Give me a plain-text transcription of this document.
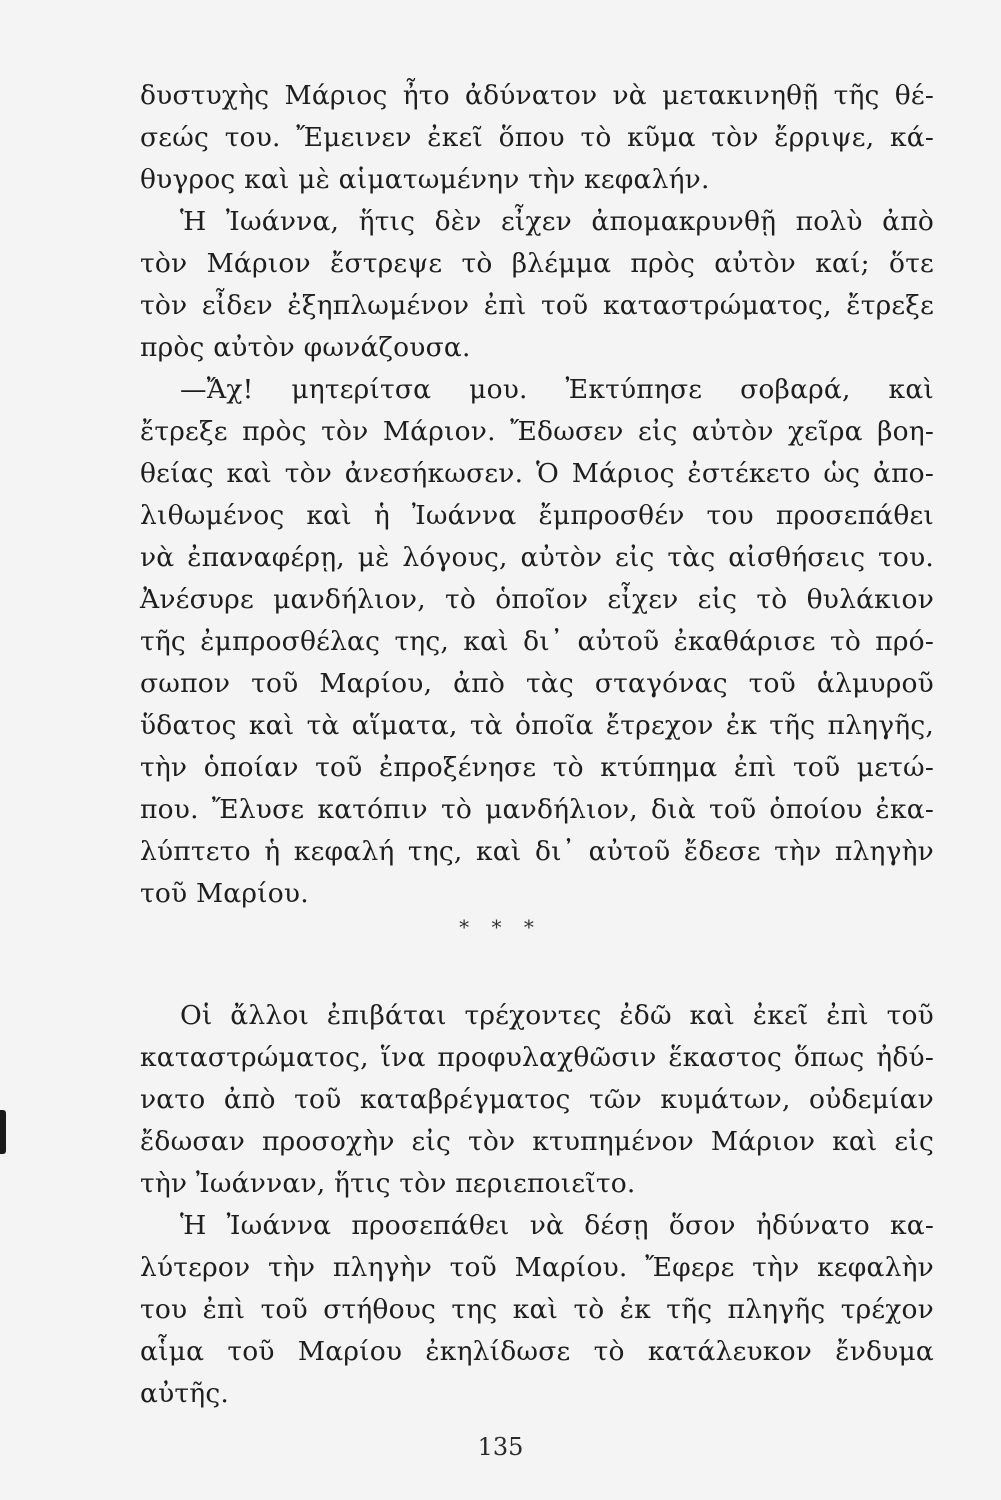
δυστυχὴς Μάριος ἦτο ἀδύνατον νὰ μετακινηθῇ τῆς θέ-
σεώς του. Ἔμεινεν ἐκεῖ ὅπου τὸ κῦμα τὸν ἔρριψε, κά-
θυγρος καὶ μὲ αἱματωμένην τὴν κεφαλήν.
Ἡ Ἰωάννα, ἥτις δὲν εἶχεν ἀπομακρυνθῇ πολὺ ἀπὸ
τὸν Μάριον ἔστρεψε τὸ βλέμμα πρὸς αὐτὸν καί; ὅτε
τὸν εἶδεν ἐξηπλωμένον ἐπὶ τοῦ καταστρώματος, ἔτρεξε
πρὸς αὐτὸν φωνάζουσα.
—Ἄχ! μητερίτσα μου. Ἐκτύπησε σοβαρά, καὶ
ἔτρεξε πρὸς τὸν Μάριον. Ἔδωσεν εἰς αὐτὸν χεῖρα βοη-
θείας καὶ τὸν ἀνεσήκωσεν. Ὁ Μάριος ἐστέκετο ὡς ἀπο-
λιθωμένος καὶ ἡ Ἰωάννα ἔμπροσθέν του προσεπάθει
νὰ ἐπαναφέρῃ, μὲ λόγους, αὐτὸν εἰς τὰς αἰσθήσεις του.
Ἀνέσυρε μανδήλιον, τὸ ὁποῖον εἶχεν εἰς τὸ θυλάκιον
τῆς ἐμπροσθέλας της, καὶ δι᾿ αὐτοῦ ἐκαθάρισε τὸ πρό-
σωπον τοῦ Μαρίου, ἀπὸ τὰς σταγόνας τοῦ ἁλμυροῦ
ὕδατος καὶ τὰ αἵματα, τὰ ὁποῖα ἔτρεχον ἐκ τῆς πληγῆς,
τὴν ὁποίαν τοῦ ἐπροξένησε τὸ κτύπημα ἐπὶ τοῦ μετώ-
που. Ἔλυσε κατόπιν τὸ μανδήλιον, διὰ τοῦ ὁποίου ἐκα-
λύπτετο ἡ κεφαλή της, καὶ δι᾿ αὐτοῦ ἔδεσε τὴν πληγὴν
τοῦ Μαρίου.
* * *
Οἱ ἄλλοι ἐπιβάται τρέχοντες ἐδῶ καὶ ἐκεῖ ἐπὶ τοῦ
καταστρώματος, ἵνα προφυλαχθῶσιν ἕκαστος ὅπως ἠδύ-
νατο ἀπὸ τοῦ καταβρέγματος τῶν κυμάτων, οὐδεμίαν
ἔδωσαν προσοχὴν εἰς τὸν κτυπημένον Μάριον καὶ εἰς
τὴν Ἰωάνναν, ἥτις τὸν περιεποιεῖτο.
Ἡ Ἰωάννα προσεπάθει νὰ δέσῃ ὅσον ἠδύνατο κα-
λύτερον τὴν πληγὴν τοῦ Μαρίου. Ἔφερε τὴν κεφαλὴν
του ἐπὶ τοῦ στήθους της καὶ τὸ ἐκ τῆς πληγῆς τρέχον
αἷμα τοῦ Μαρίου ἐκηλίδωσε τὸ κατάλευκον ἔνδυμα
αὐτῆς.
135
